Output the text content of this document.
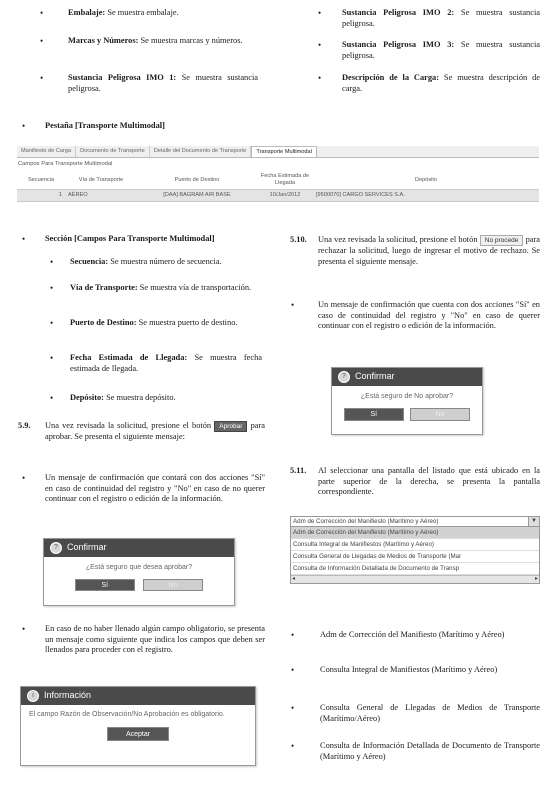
•	Embalaje: Se muestra embalaje.
•	Marcas y Números: Se muestra marcas y números.
•	Sustancia Peligrosa IMO 1: Se muestra sustancia peligrosa.
• Sustancia Peligrosa IMO 2: Se muestra sustancia peligrosa.
• Sustancia Peligrosa IMO 3: Se muestra sustancia peligrosa.
• Descripción de la Carga: Se muestra descripción de carga.
• Pestaña [Transporte Multimodal]
Manifiesto de Carga	Documento de Transporte	Detalle del Documento de Transporte	Transporte Multimodal
Campos Para Transporte Multimodal
Secuencia	Vía de Transporte	Puerto de Destino	Fecha Estimada de Llegada	Depósito
1	AÉREO	[DAA] BAGRAM AIR BASE	10/Jan/2012	[9500070] CARGO SERVICES S.A.
• Sección [Campos Para Transporte Multimodal]
• Secuencia: Se muestra número de secuencia.
• Vía de Transporte: Se muestra vía de transportación.
• Puerto de Destino: Se muestra puerto de destino.
• Fecha Estimada de Llegada: Se muestra fecha estimada de llegada.
• Depósito: Se muestra depósito.
5.9. Una vez revisada la solicitud, presione el botón Aprobar para aprobar. Se presenta el siguiente mensaje:
• Un mensaje de confirmación que contará con dos acciones "Sí" en caso de continuidad del registro y "No" en caso de no querer continuar con el registro o edición de la información.
?	Confirmar
¿Está seguro que desea aprobar?
Sí	No
• En caso de no haber llenado algún campo obligatorio, se presenta un mensaje como siguiente que indica los campos que deben ser llenados para proceder con el registro.
i	Información
El campo Razón de Observación/No Aprobación es obligatorio.
Aceptar
5.10. Una vez revisada la solicitud, presione el botón No procede para rechazar la solicitud, luego de ingresar el motivo de rechazo. Se presenta el siguiente mensaje.
•	Un mensaje de confirmación que cuenta con dos acciones "Sí" en caso de continuidad del registro y "No" en caso de querer continuar con el registro o edición de la información.
?	Confirmar
¿Está seguro de No aprobar?
Sí	No
5.11. Al seleccionar una pantalla del listado que está ubicado en la parte superior de la derecha, se presenta la pantalla correspondiente.
Adm de Corrección del Manifiesto (Marítimo y Aéreo)	▼
Adm de Corrección del Manifiesto (Marítimo y Aéreo)
Consulta Integral de Manifiestos (Marítimo y Aéreo)
Consulta General de Llegadas de Medios de Transporte (Mar
Consulta de Información Detallada de Documento de Transp
◂	▸
•	Adm de Corrección del Manifiesto (Marítimo y Aéreo)
•	Consulta Integral de Manifiestos (Marítimo y Aéreo)
•	Consulta General de Llegadas de Medios de Transporte (Marítimo/Aéreo)
•	Consulta de Información Detallada de Documento de Transporte (Marítimo y Aéreo)
